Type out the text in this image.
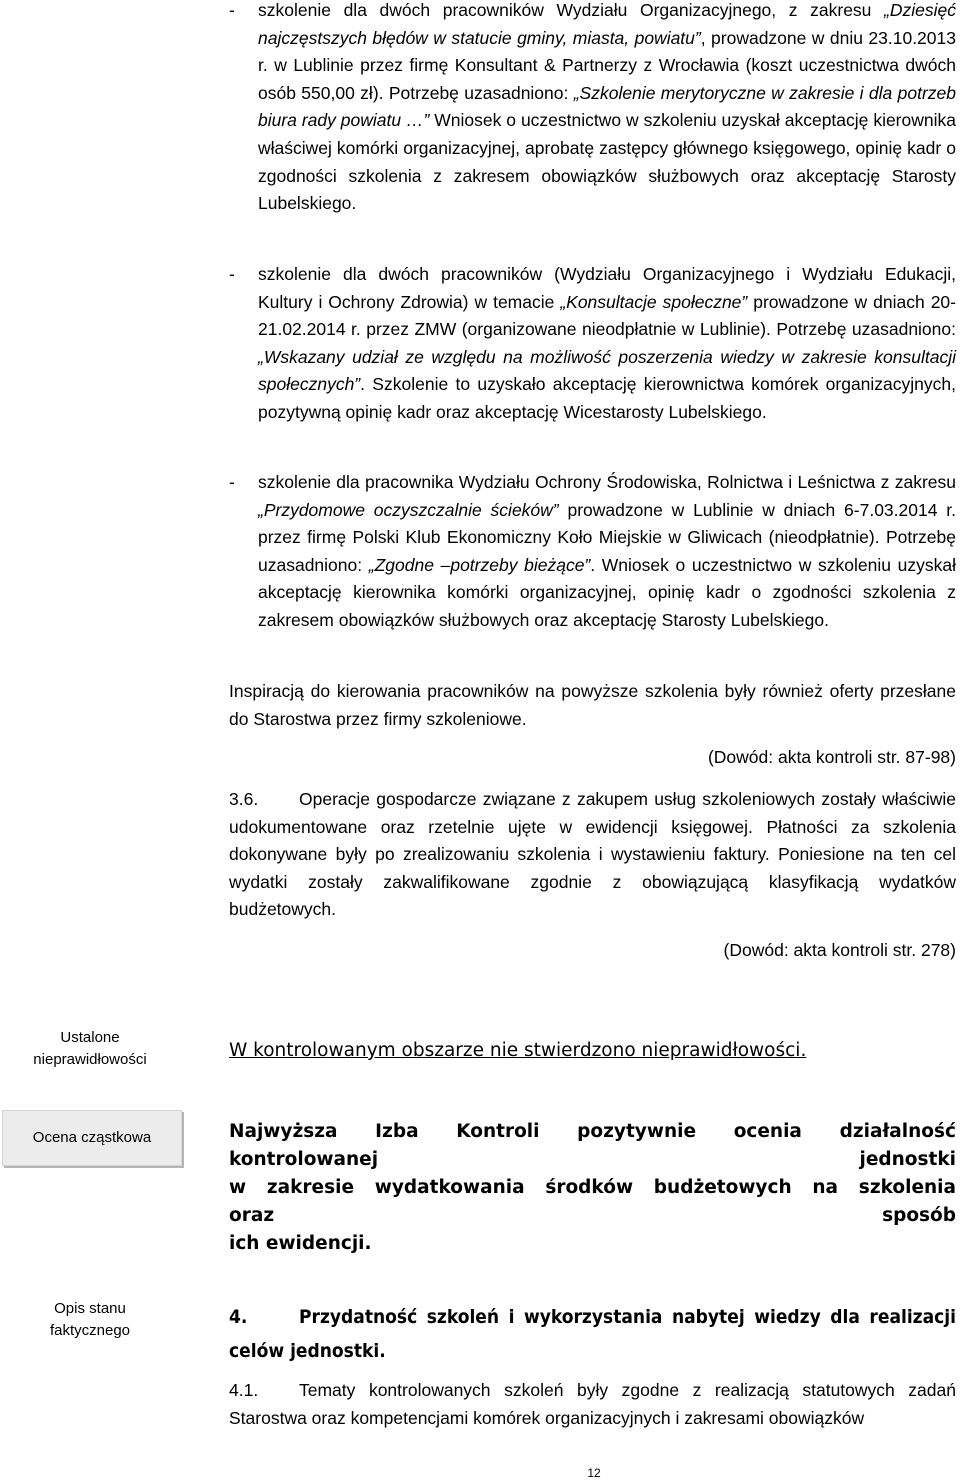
- szkolenie dla dwóch pracowników Wydziału Organizacyjnego, z zakresu „Dziesięć najczęstszych błędów w statucie gminy, miasta, powiatu”, prowadzone w dniu 23.10.2013 r. w Lublinie przez firmę Konsultant & Partnerzy z Wrocławia (koszt uczestnictwa dwóch osób 550,00 zł). Potrzebę uzasadniono: „Szkolenie merytoryczne w zakresie i dla potrzeb biura rady powiatu …” Wniosek o uczestnictwo w szkoleniu uzyskał akceptację kierownika właściwej komórki organizacyjnej, aprobatę zastępcy głównego księgowego, opinię kadr o zgodności szkolenia z zakresem obowiązków służbowych oraz akceptację Starosty Lubelskiego.
- szkolenie dla dwóch pracowników (Wydziału Organizacyjnego i Wydziału Edukacji, Kultury i Ochrony Zdrowia) w temacie „Konsultacje społeczne” prowadzone w dniach 20-21.02.2014 r. przez ZMW (organizowane nieodpłatnie w Lublinie). Potrzebę uzasadniono: „Wskazany udział ze względu na możliwość poszerzenia wiedzy w zakresie konsultacji społecznych”. Szkolenie to uzyskało akceptację kierownictwa komórek organizacyjnych, pozytywną opinię kadr oraz akceptację Wicestarosty Lubelskiego.
- szkolenie dla pracownika Wydziału Ochrony Środowiska, Rolnictwa i Leśnictwa z zakresu „Przydomowe oczyszczalnie ścieków” prowadzone w Lublinie w dniach 6-7.03.2014 r. przez firmę Polski Klub Ekonomiczny Koło Miejskie w Gliwicach (nieodpłatnie). Potrzebę uzasadniono: „Zgodne –potrzeby bieżące”. Wniosek o uczestnictwo w szkoleniu uzyskał akceptację kierownika komórki organizacyjnej, opinię kadr o zgodności szkolenia z zakresem obowiązków służbowych oraz akceptację Starosty Lubelskiego.
Inspiracją do kierowania pracowników na powyższe szkolenia były również oferty przesłane do Starostwa przez firmy szkoleniowe.
(Dowód: akta kontroli str. 87-98)
3.6. Operacje gospodarcze związane z zakupem usług szkoleniowych zostały właściwie udokumentowane oraz rzetelnie ujęte w ewidencji księgowej. Płatności za szkolenia dokonywane były po zrealizowaniu szkolenia i wystawieniu faktury. Poniesione na ten cel wydatki zostały zakwalifikowane zgodnie z obowiązującą klasyfikacją wydatków budżetowych.
(Dowód: akta kontroli str. 278)
Ustalone
nieprawidłowości	W kontrolowanym obszarze nie stwierdzono nieprawidłowości.
Ocena cząstkowa	Najwyższa Izba Kontroli pozytywnie ocenia działalność
kontrolowanej	jednostki
w zakresie wydatkowania środków budżetowych na szkolenia
oraz	sposób
ich ewidencji.
Opis stanu
faktycznego
4.	Przydatność szkoleń i wykorzystania nabytej wiedzy dla realizacji celów jednostki.
4.1. Tematy kontrolowanych szkoleń były zgodne z realizacją statutowych zadań Starostwa oraz kompetencjami komórek organizacyjnych i zakresami obowiązków
12
